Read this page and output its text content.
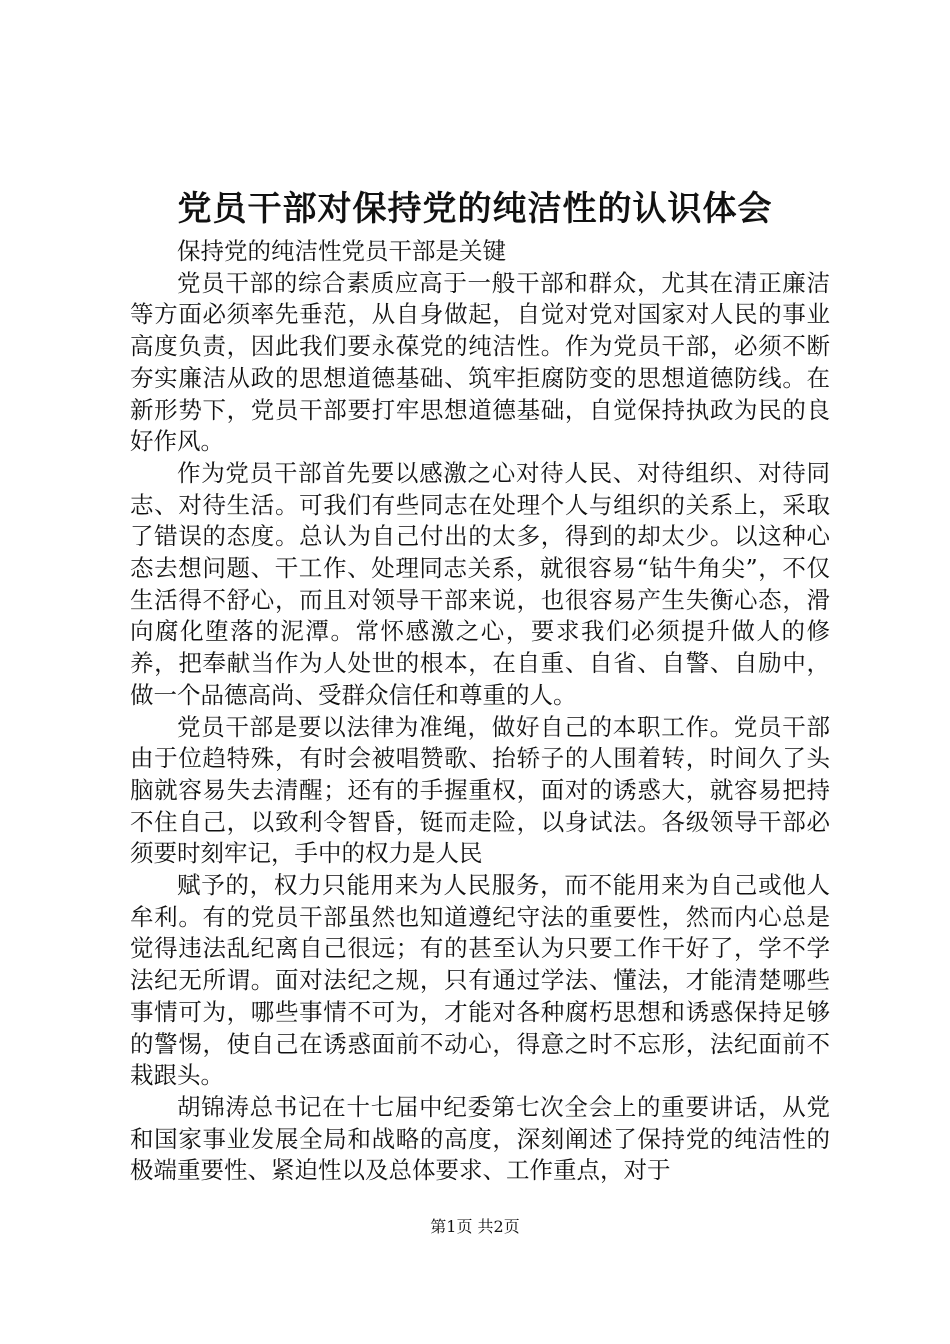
党员干部对保持党的纯洁性的认识体会

保持党的纯洁性党员干部是关键

党员干部的综合素质应高于一般干部和群众，尤其在清正廉洁等方面必须率先垂范，从自身做起，自觉对党对国家对人民的事业高度负责，因此我们要永葆党的纯洁性。作为党员干部，必须不断夯实廉洁从政的思想道德基础、筑牢拒腐防变的思想道德防线。在新形势下，党员干部要打牢思想道德基础，自觉保持执政为民的良好作风。

作为党员干部首先要以感激之心对待人民、对待组织、对待同志、对待生活。可我们有些同志在处理个人与组织的关系上，采取了错误的态度。总认为自己付出的太多，得到的却太少。以这种心态去想问题、干工作、处理同志关系，就很容易“钻牛角尖”，不仅生活得不舒心，而且对领导干部来说，也很容易产生失衡心态，滑向腐化堕落的泥潭。常怀感激之心，要求我们必须提升做人的修养，把奉献当作为人处世的根本，在自重、自省、自警、自励中，做一个品德高尚、受群众信任和尊重的人。

党员干部是要以法律为准绳，做好自己的本职工作。党员干部由于位趋特殊，有时会被唱赞歌、抬轿子的人围着转，时间久了头脑就容易失去清醒；还有的手握重权，面对的诱惑大，就容易把持不住自己，以致利令智昏，铤而走险，以身试法。各级领导干部必须要时刻牢记，手中的权力是人民

赋予的，权力只能用来为人民服务，而不能用来为自己或他人牟利。有的党员干部虽然也知道遵纪守法的重要性，然而内心总是觉得违法乱纪离自己很远；有的甚至认为只要工作干好了，学不学法纪无所谓。面对法纪之规，只有通过学法、懂法，才能清楚哪些事情可为，哪些事情不可为，才能对各种腐朽思想和诱惑保持足够的警惕，使自己在诱惑面前不动心，得意之时不忘形，法纪面前不栽跟头。

胡锦涛总书记在十七届中纪委第七次全会上的重要讲话，从党和国家事业发展全局和战略的高度，深刻阐述了保持党的纯洁性的极端重要性、紧迫性以及总体要求、工作重点，对于

第1页 共2页
